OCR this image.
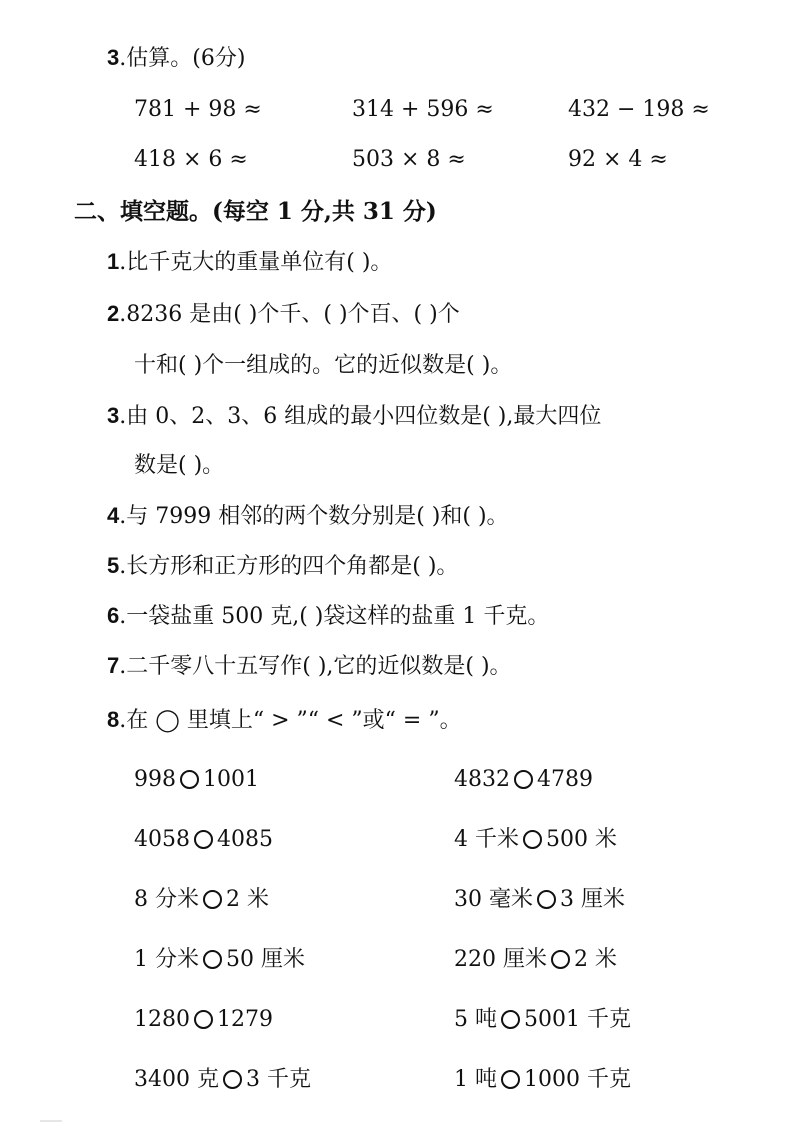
3.估算。(6分)
781 + 98 ≈	314 + 596 ≈	432 − 198 ≈
418 × 6 ≈	503 × 8 ≈	92 × 4 ≈
二、填空题。(每空 1 分,共 31 分)
1.比千克大的重量单位有( )。
2.8236 是由( )个千、( )个百、( )个
十和( )个一组成的。它的近似数是( )。
3.由 0、2、3、6 组成的最小四位数是( ),最大四位
数是( )。
4.与 7999 相邻的两个数分别是( )和( )。
5.长方形和正方形的四个角都是( )。
6.一袋盐重 500 克,( )袋这样的盐重 1 千克。
7.二千零八十五写作( ),它的近似数是( )。
8.在 ◯ 里填上“ > ”“ < ”或“ = ”。
998 1001	4832 4789
4058 4085	4 千米 500 米
8 分米 2 米	30 毫米 3 厘米
1 分米 50 厘米	220 厘米 2 米
1280 1279	5 吨 5001 千克
3400 克 3 千克	1 吨 1000 千克
